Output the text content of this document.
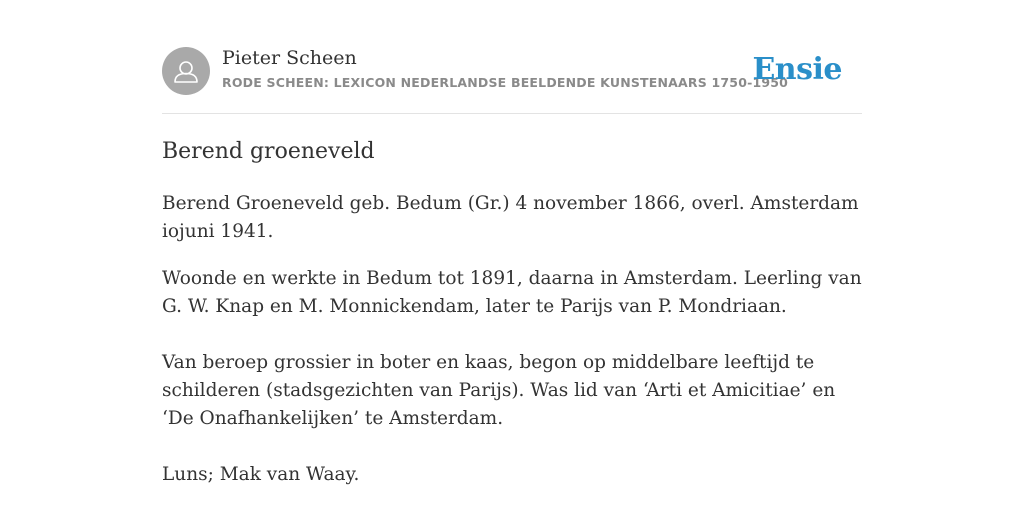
Pieter Scheen
RODE SCHEEN: LEXICON NEDERLANDSE BEELDENDE KUNSTENAARS 1750-1950
Ensie
Berend groeneveld

Berend Groeneveld geb. Bedum (Gr.) 4 november 1866, overl. Amsterdam iojuni 1941.

Woonde en werkte in Bedum tot 1891, daarna in Amsterdam. Leerling van G. W. Knap en M. Monnickendam, later te Parijs van P. Mondriaan.

Van beroep grossier in boter en kaas, begon op middelbare leeftijd te schilderen (stadsgezichten van Parijs). Was lid van ‘Arti et Amicitiae’ en ‘De Onafhankelijken’ te Amsterdam.

Luns; Mak van Waay.
